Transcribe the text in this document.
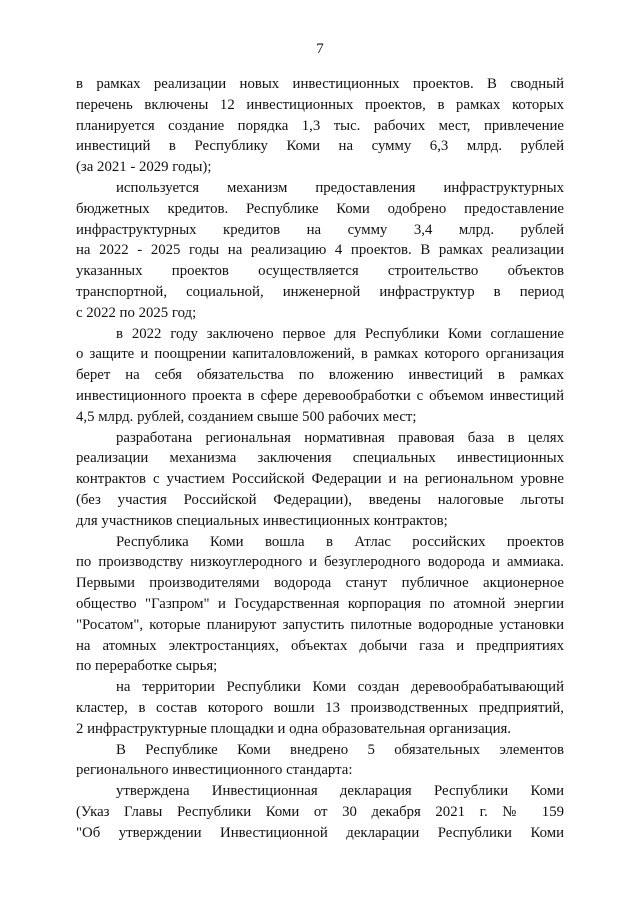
7
в рамках реализации новых инвестиционных проектов. В сводный
перечень включены 12 инвестиционных проектов, в рамках которых
планируется создание порядка 1,3 тыс. рабочих мест, привлечение
инвестиций в Республику Коми на сумму 6,3 млрд. рублей
(за 2021 - 2029 годы);
используется механизм предоставления инфраструктурных
бюджетных кредитов. Республике Коми одобрено предоставление
инфраструктурных кредитов на сумму 3,4 млрд. рублей
на 2022 - 2025 годы на реализацию 4 проектов. В рамках реализации
указанных проектов осуществляется строительство объектов
транспортной, социальной, инженерной инфраструктур в период
с 2022 по 2025 год;
в 2022 году заключено первое для Республики Коми соглашение
о защите и поощрении капиталовложений, в рамках которого организация
берет на себя обязательства по вложению инвестиций в рамках
инвестиционного проекта в сфере деревообработки с объемом инвестиций
4,5 млрд. рублей, созданием свыше 500 рабочих мест;
разработана региональная нормативная правовая база в целях
реализации механизма заключения специальных инвестиционных
контрактов с участием Российской Федерации и на региональном уровне
(без участия Российской Федерации), введены налоговые льготы
для участников специальных инвестиционных контрактов;
Республика Коми вошла в Атлас российских проектов
по производству низкоуглеродного и безуглеродного водорода и аммиака.
Первыми производителями водорода станут публичное акционерное
общество "Газпром" и Государственная корпорация по атомной энергии
"Росатом", которые планируют запустить пилотные водородные установки
на атомных электростанциях, объектах добычи газа и предприятиях
по переработке сырья;
на территории Республики Коми создан деревообрабатывающий
кластер, в состав которого вошли 13 производственных предприятий,
2 инфраструктурные площадки и одна образовательная организация.
В Республике Коми внедрено 5 обязательных элементов
регионального инвестиционного стандарта:
утверждена Инвестиционная декларация Республики Коми
(Указ Главы Республики Коми от 30 декабря 2021 г. № 159
"Об утверждении Инвестиционной декларации Республики Коми
